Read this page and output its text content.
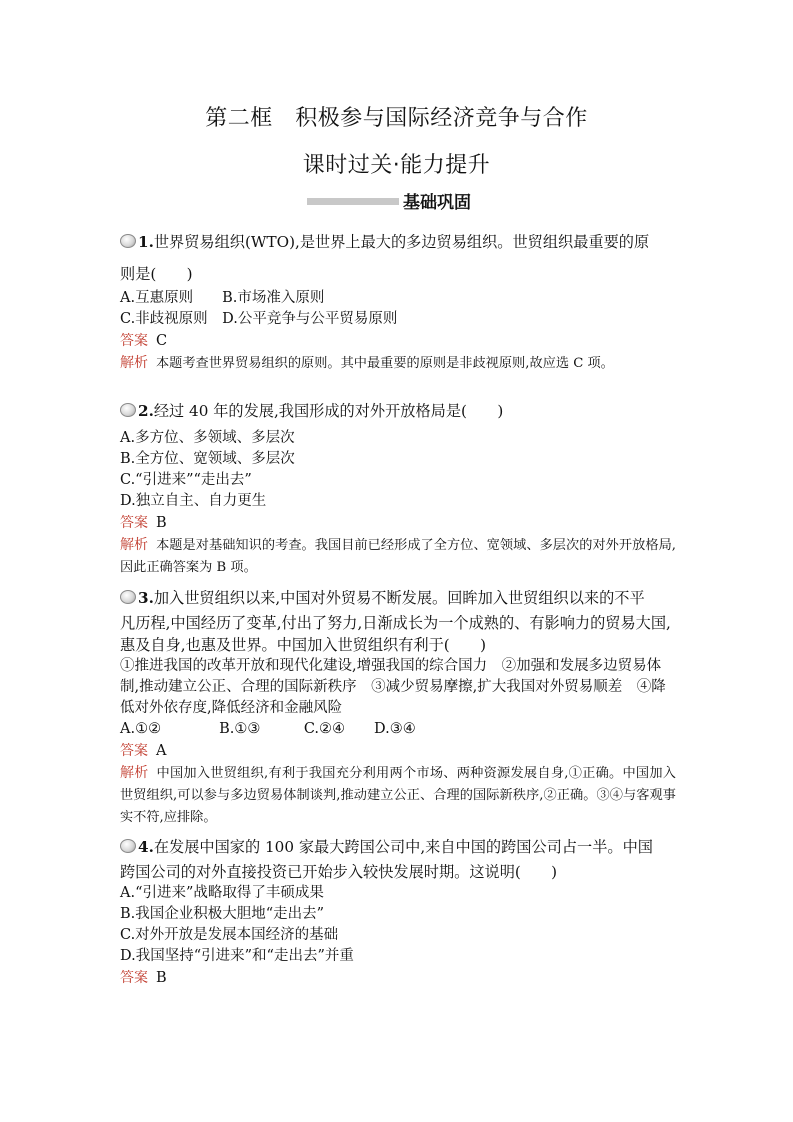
第二框　积极参与国际经济竞争与合作
课时过关·能力提升
基础巩固

1.世界贸易组织(WTO),是世界上最大的多边贸易组织。世贸组织最重要的原

则是(　　)

A.互惠原则　　B.市场准入原则

C.非歧视原则　D.公平竞争与公平贸易原则

答案 C

解析 本题考查世界贸易组织的原则。其中最重要的原则是非歧视原则,故应选 C 项。

2.经过 40 年的发展,我国形成的对外开放格局是(　　)

A.多方位、多领域、多层次

B.全方位、宽领域、多层次

C.“引进来”“走出去”

D.独立自主、自力更生

答案 B

解析 本题是对基础知识的考查。我国目前已经形成了全方位、宽领域、多层次的对外开放格局,因此正确答案为 B 项。

3.加入世贸组织以来,中国对外贸易不断发展。回眸加入世贸组织以来的不平

凡历程,中国经历了变革,付出了努力,日渐成长为一个成熟的、有影响力的贸易大国,惠及自身,也惠及世界。中国加入世贸组织有利于(　　)

①推进我国的改革开放和现代化建设,增强我国的综合国力　②加强和发展多边贸易体制,推动建立公正、合理的国际新秩序　③减少贸易摩擦,扩大我国对外贸易顺差　④降低对外依存度,降低经济和金融风险

A.①②　　　　B.①③　　　C.②④　　D.③④

答案 A

解析 中国加入世贸组织,有利于我国充分利用两个市场、两种资源发展自身,①正确。中国加入世贸组织,可以参与多边贸易体制谈判,推动建立公正、合理的国际新秩序,②正确。③④与客观事实不符,应排除。

4.在发展中国家的 100 家最大跨国公司中,来自中国的跨国公司占一半。中国

跨国公司的对外直接投资已开始步入较快发展时期。这说明(　　)

A.“引进来”战略取得了丰硕成果

B.我国企业积极大胆地“走出去”

C.对外开放是发展本国经济的基础

D.我国坚持“引进来”和“走出去”并重

答案 B
